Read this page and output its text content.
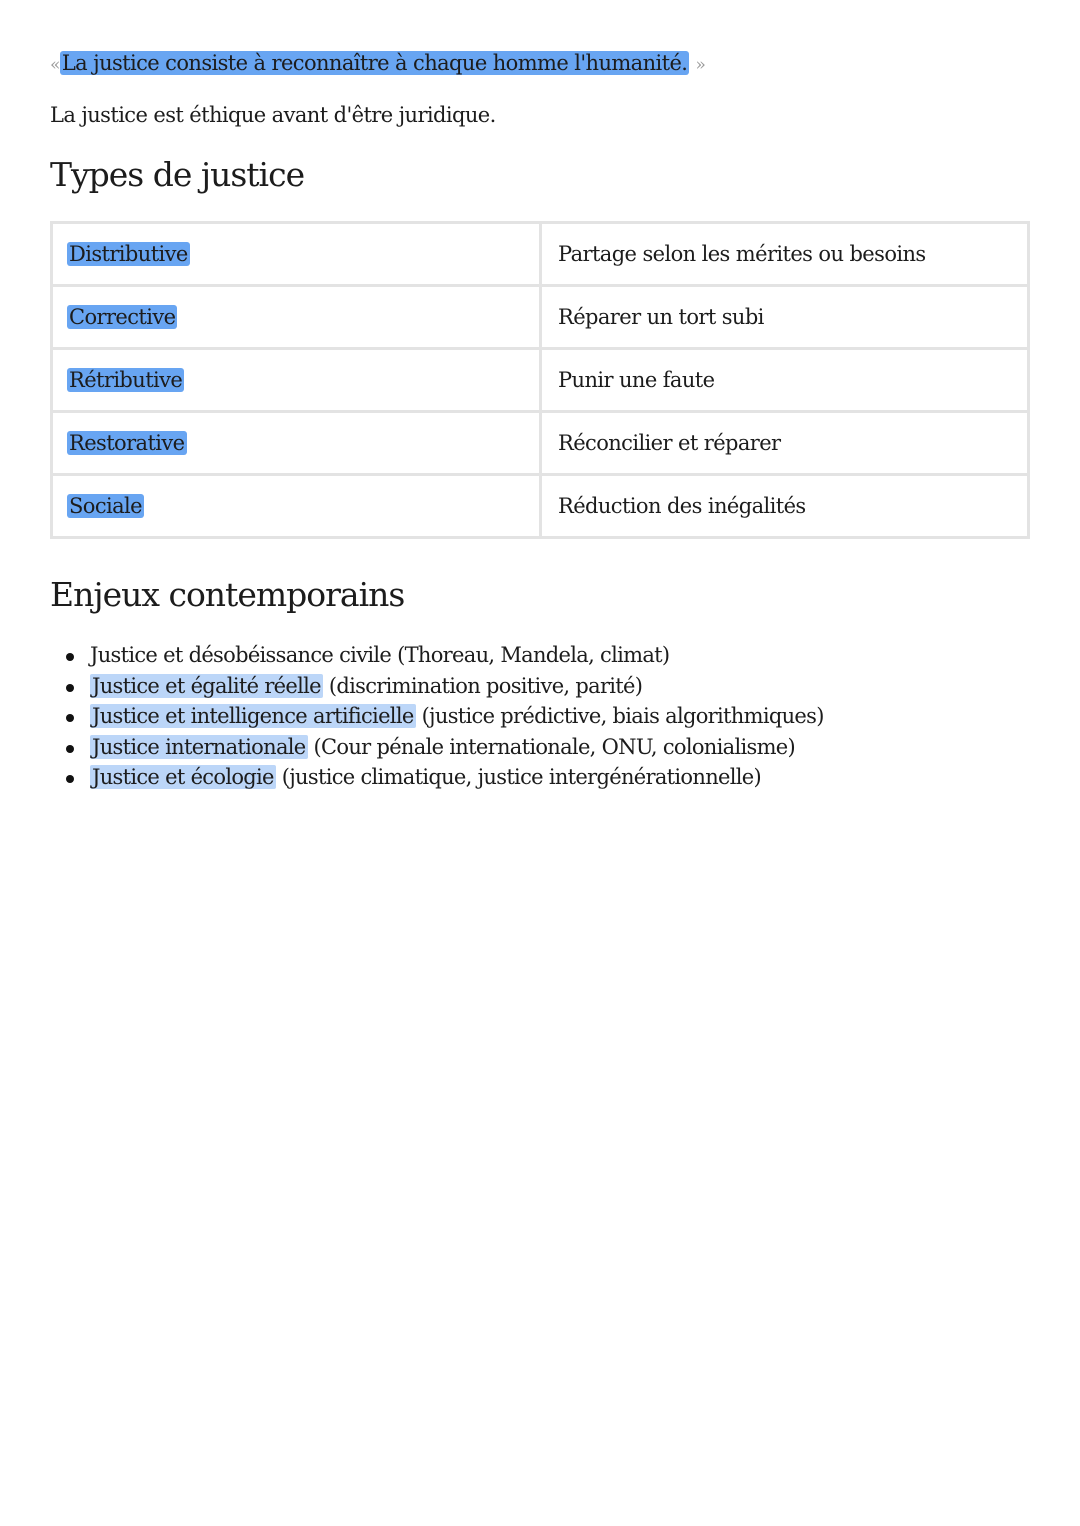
«La justice consiste à reconnaître à chaque homme l'humanité. »
La justice est éthique avant d'être juridique.
Types de justice
Distributive	Partage selon les mérites ou besoins
Corrective	Réparer un tort subi
Rétributive	Punir une faute
Restorative	Réconcilier et réparer
Sociale	Réduction des inégalités
Enjeux contemporains
Justice et désobéissance civile (Thoreau, Mandela, climat)
Justice et égalité réelle (discrimination positive, parité)
Justice et intelligence artificielle (justice prédictive, biais algorithmiques)
Justice internationale (Cour pénale internationale, ONU, colonialisme)
Justice et écologie (justice climatique, justice intergénérationnelle)
